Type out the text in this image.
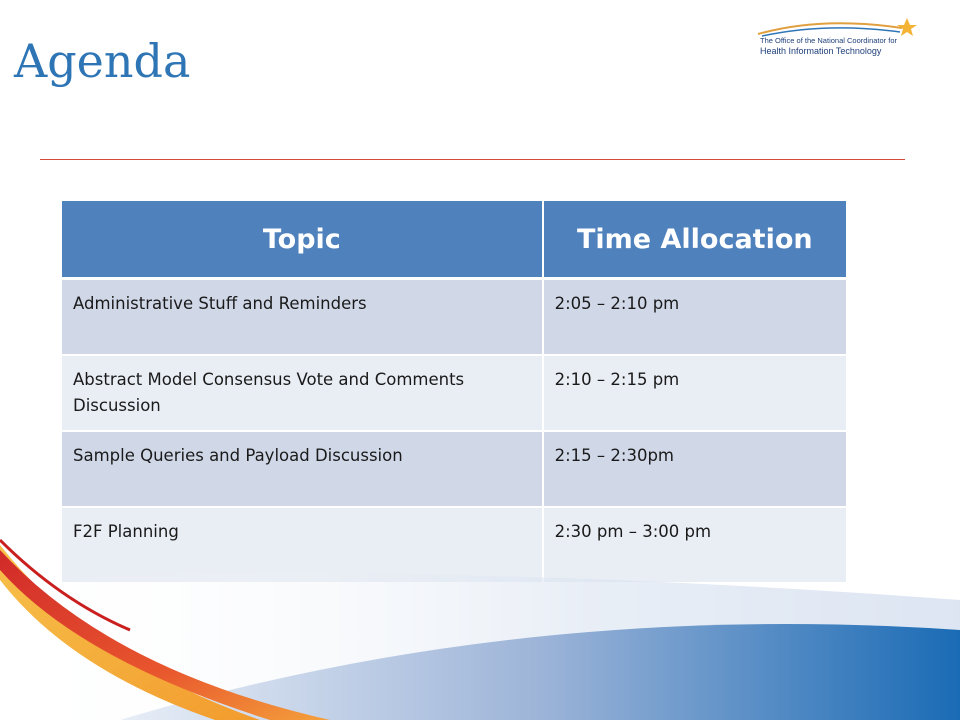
Agenda	The Office of the National Coordinator for
Health Information Technology
Topic	Time Allocation
Administrative Stuff and Reminders	2:05 – 2:10 pm
Abstract Model Consensus Vote and Comments Discussion	2:10 – 2:15 pm
Sample Queries and Payload Discussion	2:15 – 2:30pm
F2F Planning	2:30 pm – 3:00 pm
